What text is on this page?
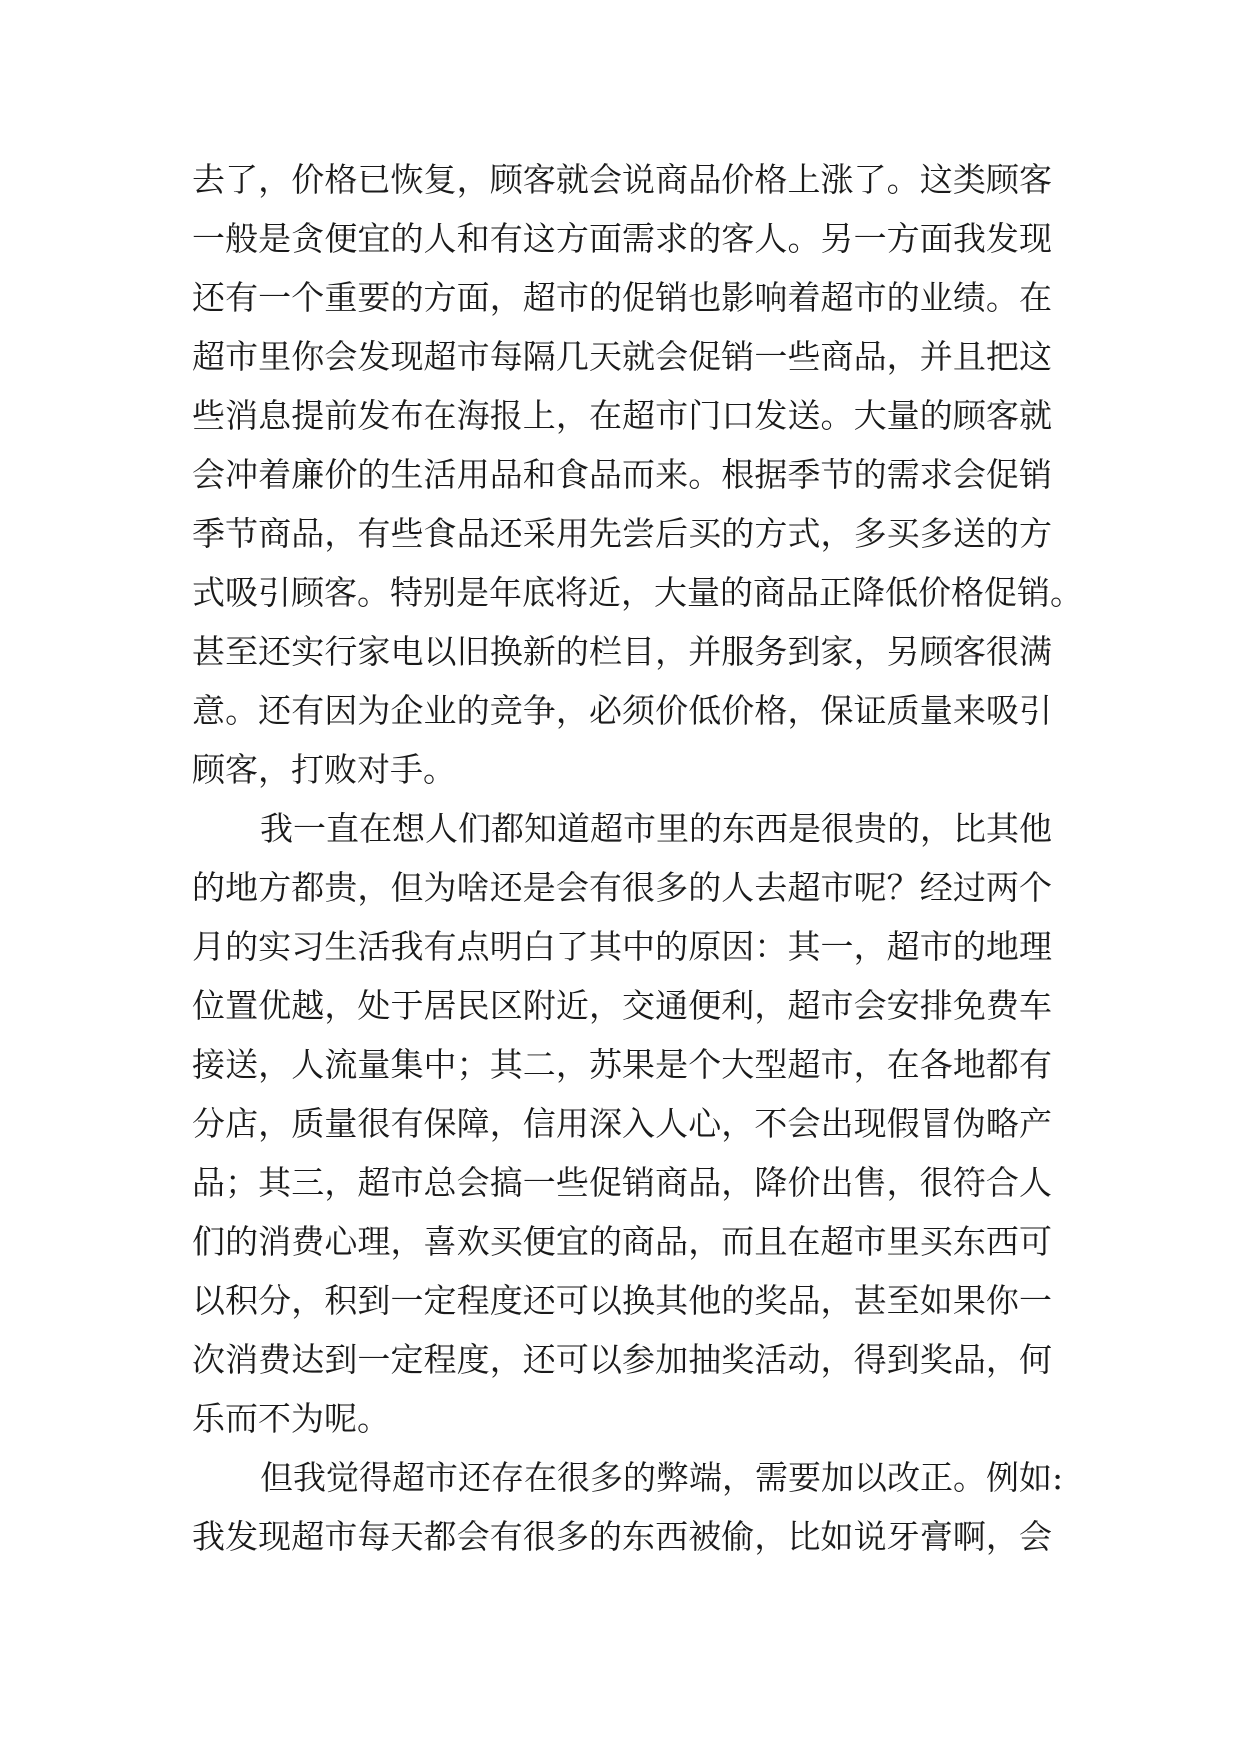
去了，价格已恢复，顾客就会说商品价格上涨了。这类顾客
一般是贪便宜的人和有这方面需求的客人。另一方面我发现
还有一个重要的方面，超市的促销也影响着超市的业绩。在
超市里你会发现超市每隔几天就会促销一些商品，并且把这
些消息提前发布在海报上，在超市门口发送。大量的顾客就
会冲着廉价的生活用品和食品而来。根据季节的需求会促销
季节商品，有些食品还采用先尝后买的方式，多买多送的方
式吸引顾客。特别是年底将近，大量的商品正降低价格促销。
甚至还实行家电以旧换新的栏目，并服务到家，另顾客很满
意。还有因为企业的竞争，必须价低价格，保证质量来吸引
顾客，打败对手。
我一直在想人们都知道超市里的东西是很贵的，比其他
的地方都贵，但为啥还是会有很多的人去超市呢？经过两个
月的实习生活我有点明白了其中的原因：其一，超市的地理
位置优越，处于居民区附近，交通便利，超市会安排免费车
接送，人流量集中；其二，苏果是个大型超市，在各地都有
分店，质量很有保障，信用深入人心，不会出现假冒伪略产
品；其三，超市总会搞一些促销商品，降价出售，很符合人
们的消费心理，喜欢买便宜的商品，而且在超市里买东西可
以积分，积到一定程度还可以换其他的奖品，甚至如果你一
次消费达到一定程度，还可以参加抽奖活动，得到奖品，何
乐而不为呢。
但我觉得超市还存在很多的弊端，需要加以改正。例如:
我发现超市每天都会有很多的东西被偷，比如说牙膏啊，会
